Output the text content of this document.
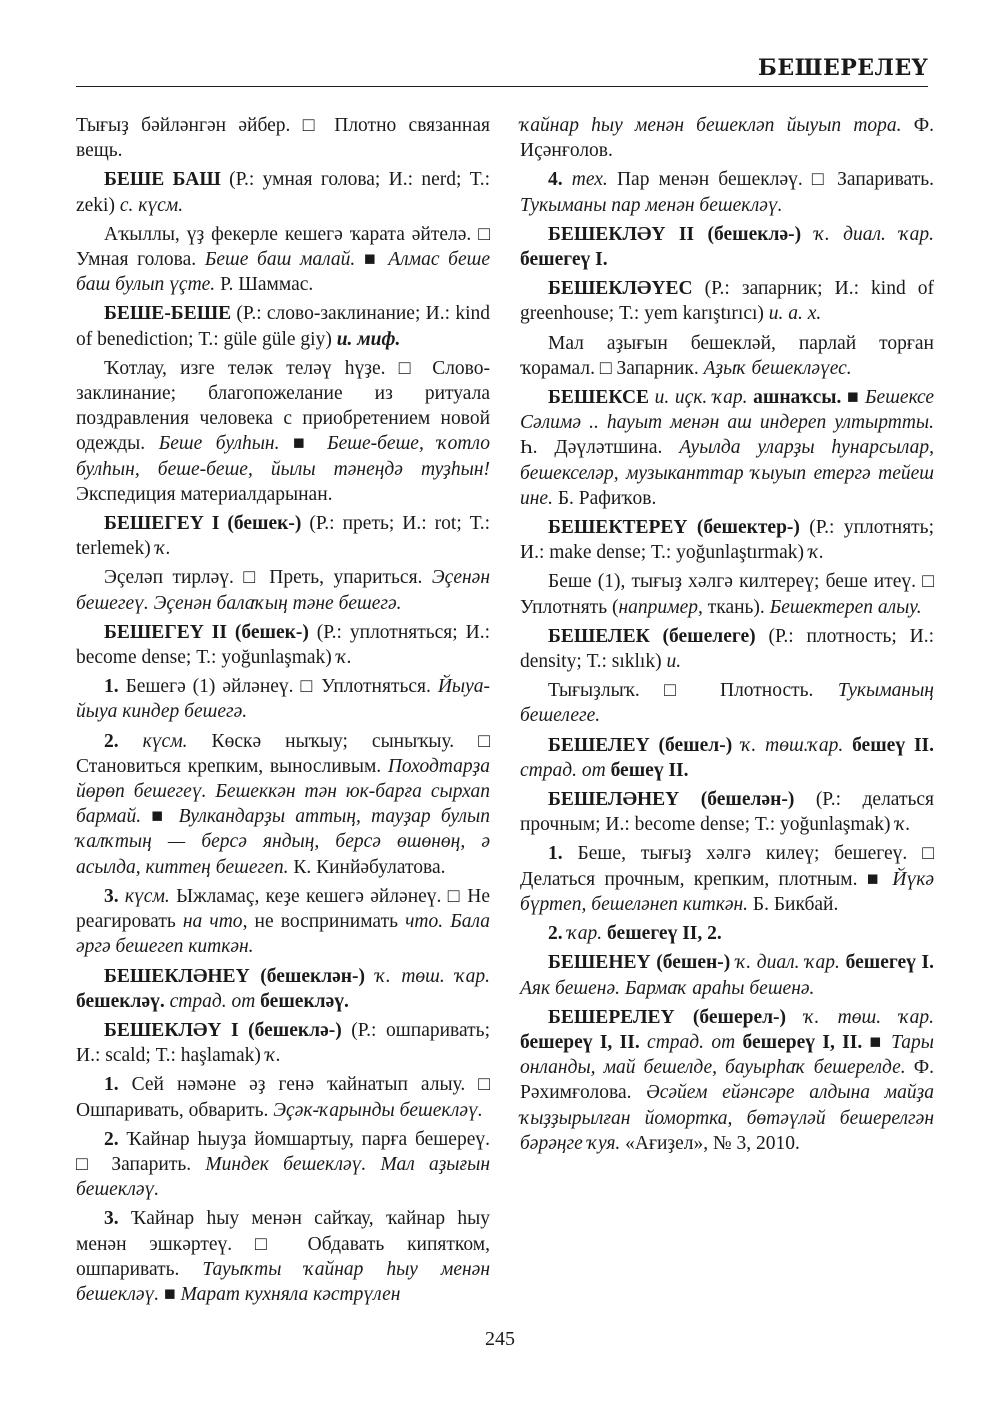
БЕШЕРЕЛЕҮ

Тығыҙ бәйләнгән әйбер. □ Плотно связанная вещь.

БЕШЕ БАШ (Р.: умная голова; И.: nerd; Т.: zeki) с. күсм.

Аҡыллы, үҙ фекерле кешегә ҡарата әйтелә. □ Умная голова. Беше баш малай. ■ Алмас беше баш булып үçте. Р. Шаммас.

БЕШЕ-БЕШЕ (Р.: слово-заклинание; И.: kind of benediction; Т.: güle güle giy) и. миф.

Ҡотлау, изге теләк теләү һүҙе. □ Слово-заклинание; благопожелание из ритуала поздравления человека с приобретением новой одежды. Беше булһын. ■ Беше-беше, ҡотло булһын, беше-беше, йылы тәнеңдә туҙһын! Экспедиция материалдарынан.

БЕШЕГЕҮ I (бешек-) (Р.: преть; И.: rot; Т.: terlemek) ҡ.

Эçеләп тирләү. □ Преть, упариться. Эçенән бешегеү. Эçенән балаҡың тәне бешегә.

БЕШЕГЕҮ II (бешек-) (Р.: уплотняться; И.: become dense; Т.: yoğunlaşmak) ҡ.

1. Бешегә (1) әйләнеү. □ Уплотняться. Йыуа-йыуа киндер бешегә.

2. күсм. Көскә ныҡыу; сыныҡыу. □ Становиться крепким, выносливым. Походтарҙа йөрөп бешегеү. Бешеккән тән юк-барға сырхап бармай. ■ Вулкандарҙы аттың, тауҙар булып ҡалҡтың — берсә яндың, берсә өшөнөң, ә асылда, киттең бешегеп. К. Кинйәбулатова.

3. күсм. Ыжламаç, кеҙе кешегә әйләнеү. □ Не реагировать на что, не воспринимать что. Бала әргә бешегеп киткән.

БЕШЕКЛӘНЕҮ (бешеклән-) ҡ. төш. ҡар. бешекләү. страд. от бешекләү.

БЕШЕКЛӘҮ I (бешеклә-) (Р.: ошпаривать; И.: scald; Т.: haşlamak) ҡ.

1. Сей нәмәне әҙ генә ҡайнатып алыу. □ Ошпаривать, обварить. Эçәк-ҡарынды бешекләү.

2. Ҡайнар һыуҙа йомшартыу, парға бешереү. □ Запарить. Миндек бешекләү. Мал аҙығын бешекләү.

3. Ҡайнар һыу менән сайҡау, ҡайнар һыу менән эшкәртеү. □ Обдавать кипятком, ошпаривать. Тауыҡты ҡайнар һыу менән бешекләү. ■ Марат кухняла кәстрүлен

ҡайнар һыу менән бешекләп йыуып тора. Ф. Иçәнғолов.

4. тех. Пар менән бешекләү. □ Запаривать. Тукыманы пар менән бешекләү.

БЕШЕКЛӘҮ II (бешеклә-) ҡ. диал. ҡар. бешегеү I.

БЕШЕКЛӘҮЕС (Р.: запарник; И.: kind of greenhouse; Т.: yem karıştırıcı) и. а. х.

Мал аҙығын бешекләй, парлай торған ҡорамал. □ Запарник. Аҙыҡ бешекләүес.

БЕШЕКСЕ и. иçк. ҡар. ашнаҡсы. ■ Бешексе Сәлимә .. һауыт менән аш индереп ултыртты. Һ. Дәүләтшина. Ауылда уларҙы һунарсылар, бешекселәр, музыканттар ҡыуып етергә тейеш ине. Б. Рафиҡов.

БЕШЕКТЕРЕҮ (бешектер-) (Р.: уплотнять; И.: make dense; Т.: yoğunlaştırmak) ҡ.

Беше (1), тығыҙ хәлгә килтереү; беше итеү. □ Уплотнять (например, ткань). Бешектереп алыу.

БЕШЕЛЕК (бешелеге) (Р.: плотность; И.: density; Т.: sıklık) и.

Тығыҙлыҡ. □ Плотность. Тукыманың бешелеге.

БЕШЕЛЕҮ (бешел-) ҡ. төш.ҡар. бешеү II. страд. от бешеү II.

БЕШЕЛӘНЕҮ (бешелән-) (Р.: делаться прочным; И.: become dense; Т.: yoğunlaşmak) ҡ.

1. Беше, тығыҙ хәлгә килеү; бешегеү. □ Делаться прочным, крепким, плотным. ■ Йүкә бүртеп, бешеләнеп киткән. Б. Бикбай.

2. ҡар. бешегеү II, 2.

БЕШЕНЕҮ (бешен-) ҡ. диал. ҡар. бешегеү I. Аяк бешенә. Бармаҡ араһы бешенә.

БЕШЕРЕЛЕҮ (бешерел-) ҡ. төш. ҡар. бешереү I, II. страд. от бешереү I, II. ■ Тары онланды, май бешелде, бауырһаҡ бешерелде. Ф. Рәхимғолова. Әсәйем ейәнсәре алдына майҙа ҡыҙҙырылған йомортка, бөтәүләй бешерелгән бәрәңге ҡуя. «Ағиҙел», № 3, 2010.

245
